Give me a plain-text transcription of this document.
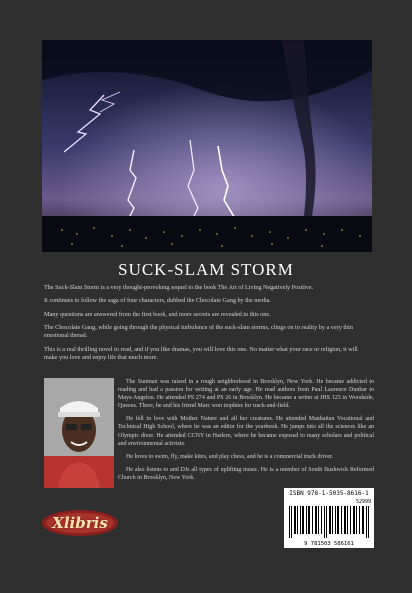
SUCK-SLAM STORM

The Suck-Slam Storm is a very thought-provoking sequel to the book The Art of Living Negatively Positive.

It continues to follow the saga of four characters, dubbed the Chocolate Gang by the media.

Many questions are answered from the first book, and more secrets are revealed in this one.

The Chocolate Gang, while going through the physical turbulence of the suck-slam storms, clings on to reality by a very thin emotional thread.

This is a real thrilling novel to read, and if you like dramas, you will love this one. No matter what your race or religion, it will make you love and enjoy life that much more.

The Sunman was raised in a rough neighborhood in Brooklyn, New York. He became addicted to reading and had a passion for writing at an early age. He read authors from Paul Laurence Dunbar to Maya Angelou. He attended PS 274 and PS 26 in Brooklyn. He became a writer at JHS 125 in Woodside, Queens. There, he and his friend Marc won trophies for track-and-field.

He fell in love with Mother Nature and all her creatures. He attended Manhattan Vocational and Technical High School, where he was an editor for the yearbook. He jumps into all the sciences like an Olympic diver. He attended CCNY in Harlem, where he became exposed to many scholars and political and environmental activists.

He loves to swim, fly, make kites, and play chess, and he is a commercial truck driver.

He also listens to and DJs all types of uplifting music. He is a member of South Bushwick Reformed Church in Brooklyn, New York.

Xlibris
ISBN 978-1-5035-8616-1
52999
9 781503 586161
